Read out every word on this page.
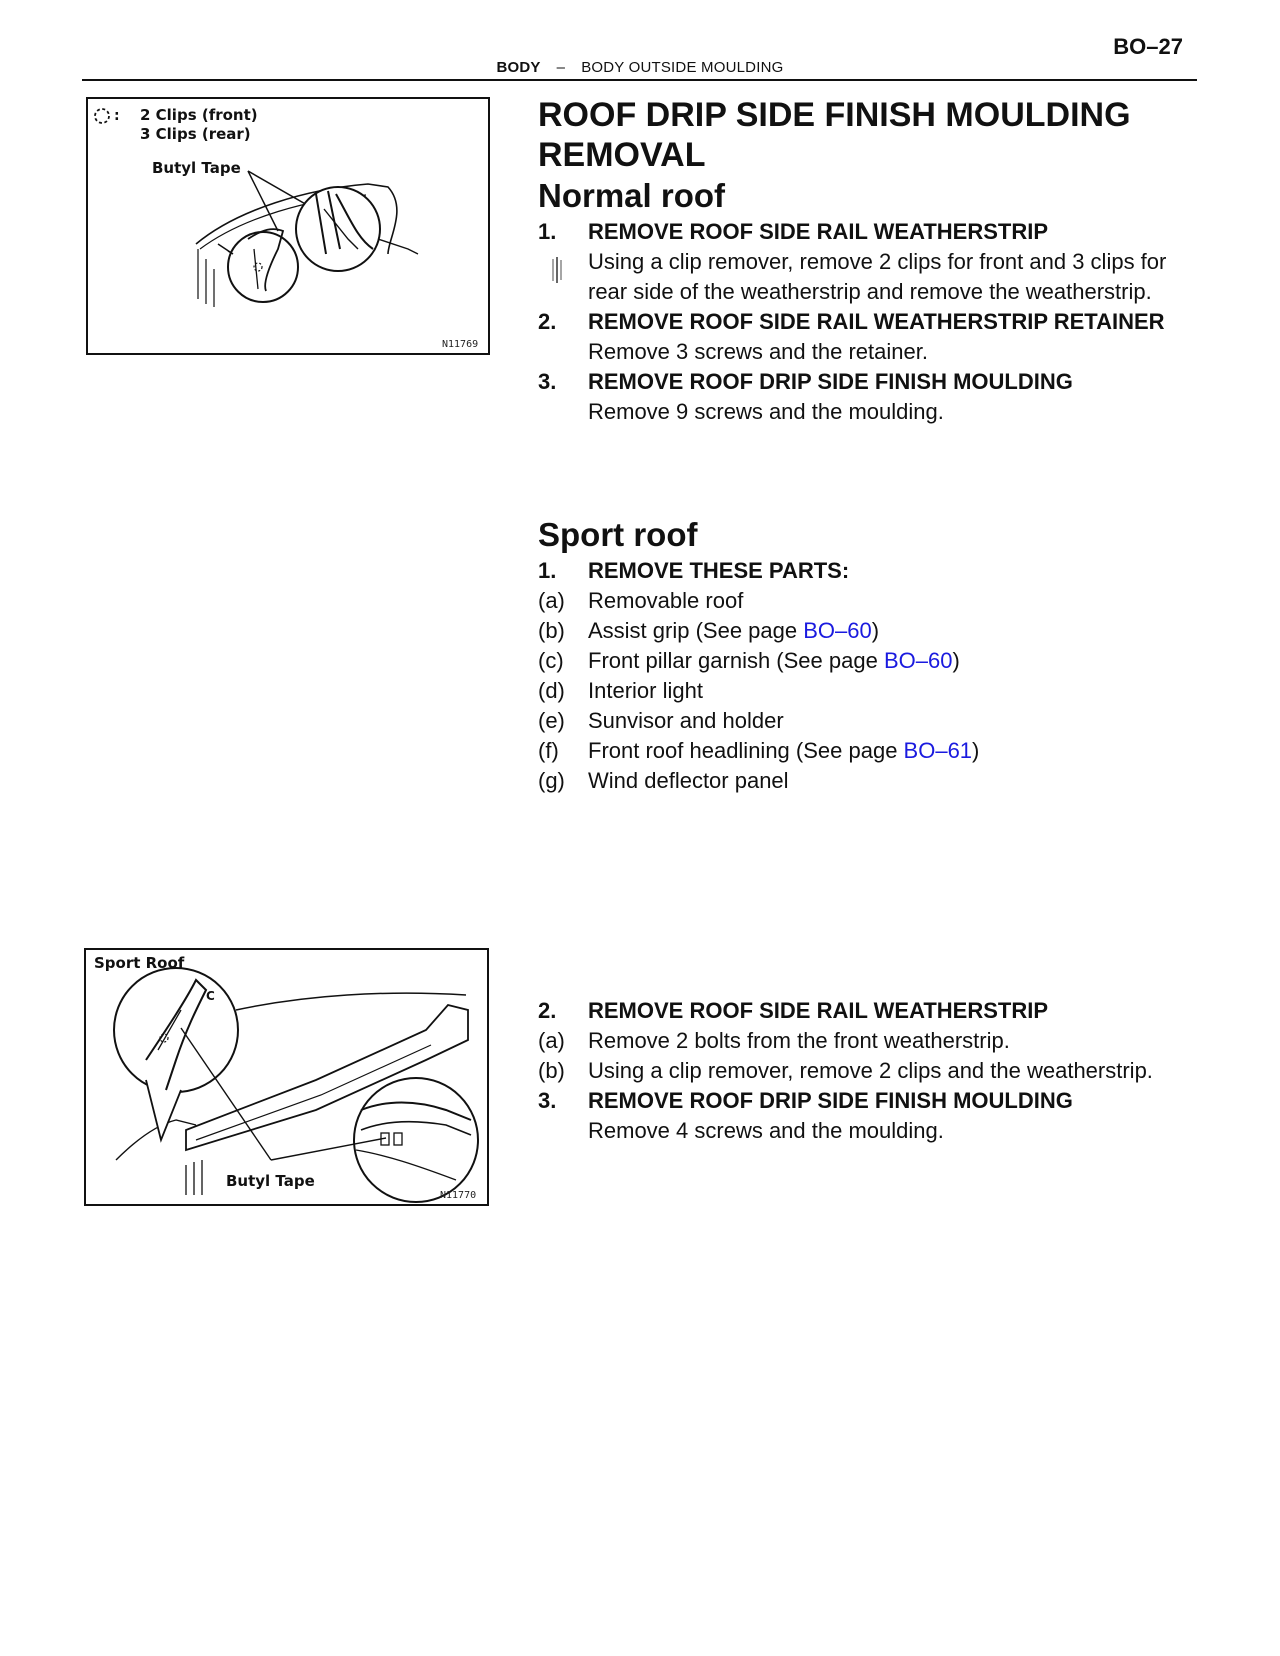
BO–27
BODY – BODY OUTSIDE MOULDING
: 2 Clips (front)
3 Clips (rear)
Butyl Tape
N11769
Sport Roof
C
Butyl Tape
N11770
ROOF DRIP SIDE FINISH MOULDING
REMOVAL
Normal roof
1. REMOVE ROOF SIDE RAIL WEATHERSTRIP
Using a clip remover, remove 2 clips for front and 3 clips for
rear side of the weatherstrip and remove the weatherstrip.
2. REMOVE ROOF SIDE RAIL WEATHERSTRIP RETAINER
Remove 3 screws and the retainer.
3. REMOVE ROOF DRIP SIDE FINISH MOULDING
Remove 9 screws and the moulding.
Sport roof
1. REMOVE THESE PARTS:
(a) Removable roof
(b) Assist grip (See page BO–60)
(c) Front pillar garnish (See page BO–60)
(d) Interior light
(e) Sunvisor and holder
(f) Front roof headlining (See page BO–61)
(g) Wind deflector panel
2. REMOVE ROOF SIDE RAIL WEATHERSTRIP
(a) Remove 2 bolts from the front weatherstrip.
(b) Using a clip remover, remove 2 clips and the weatherstrip.
3. REMOVE ROOF DRIP SIDE FINISH MOULDING
Remove 4 screws and the moulding.
